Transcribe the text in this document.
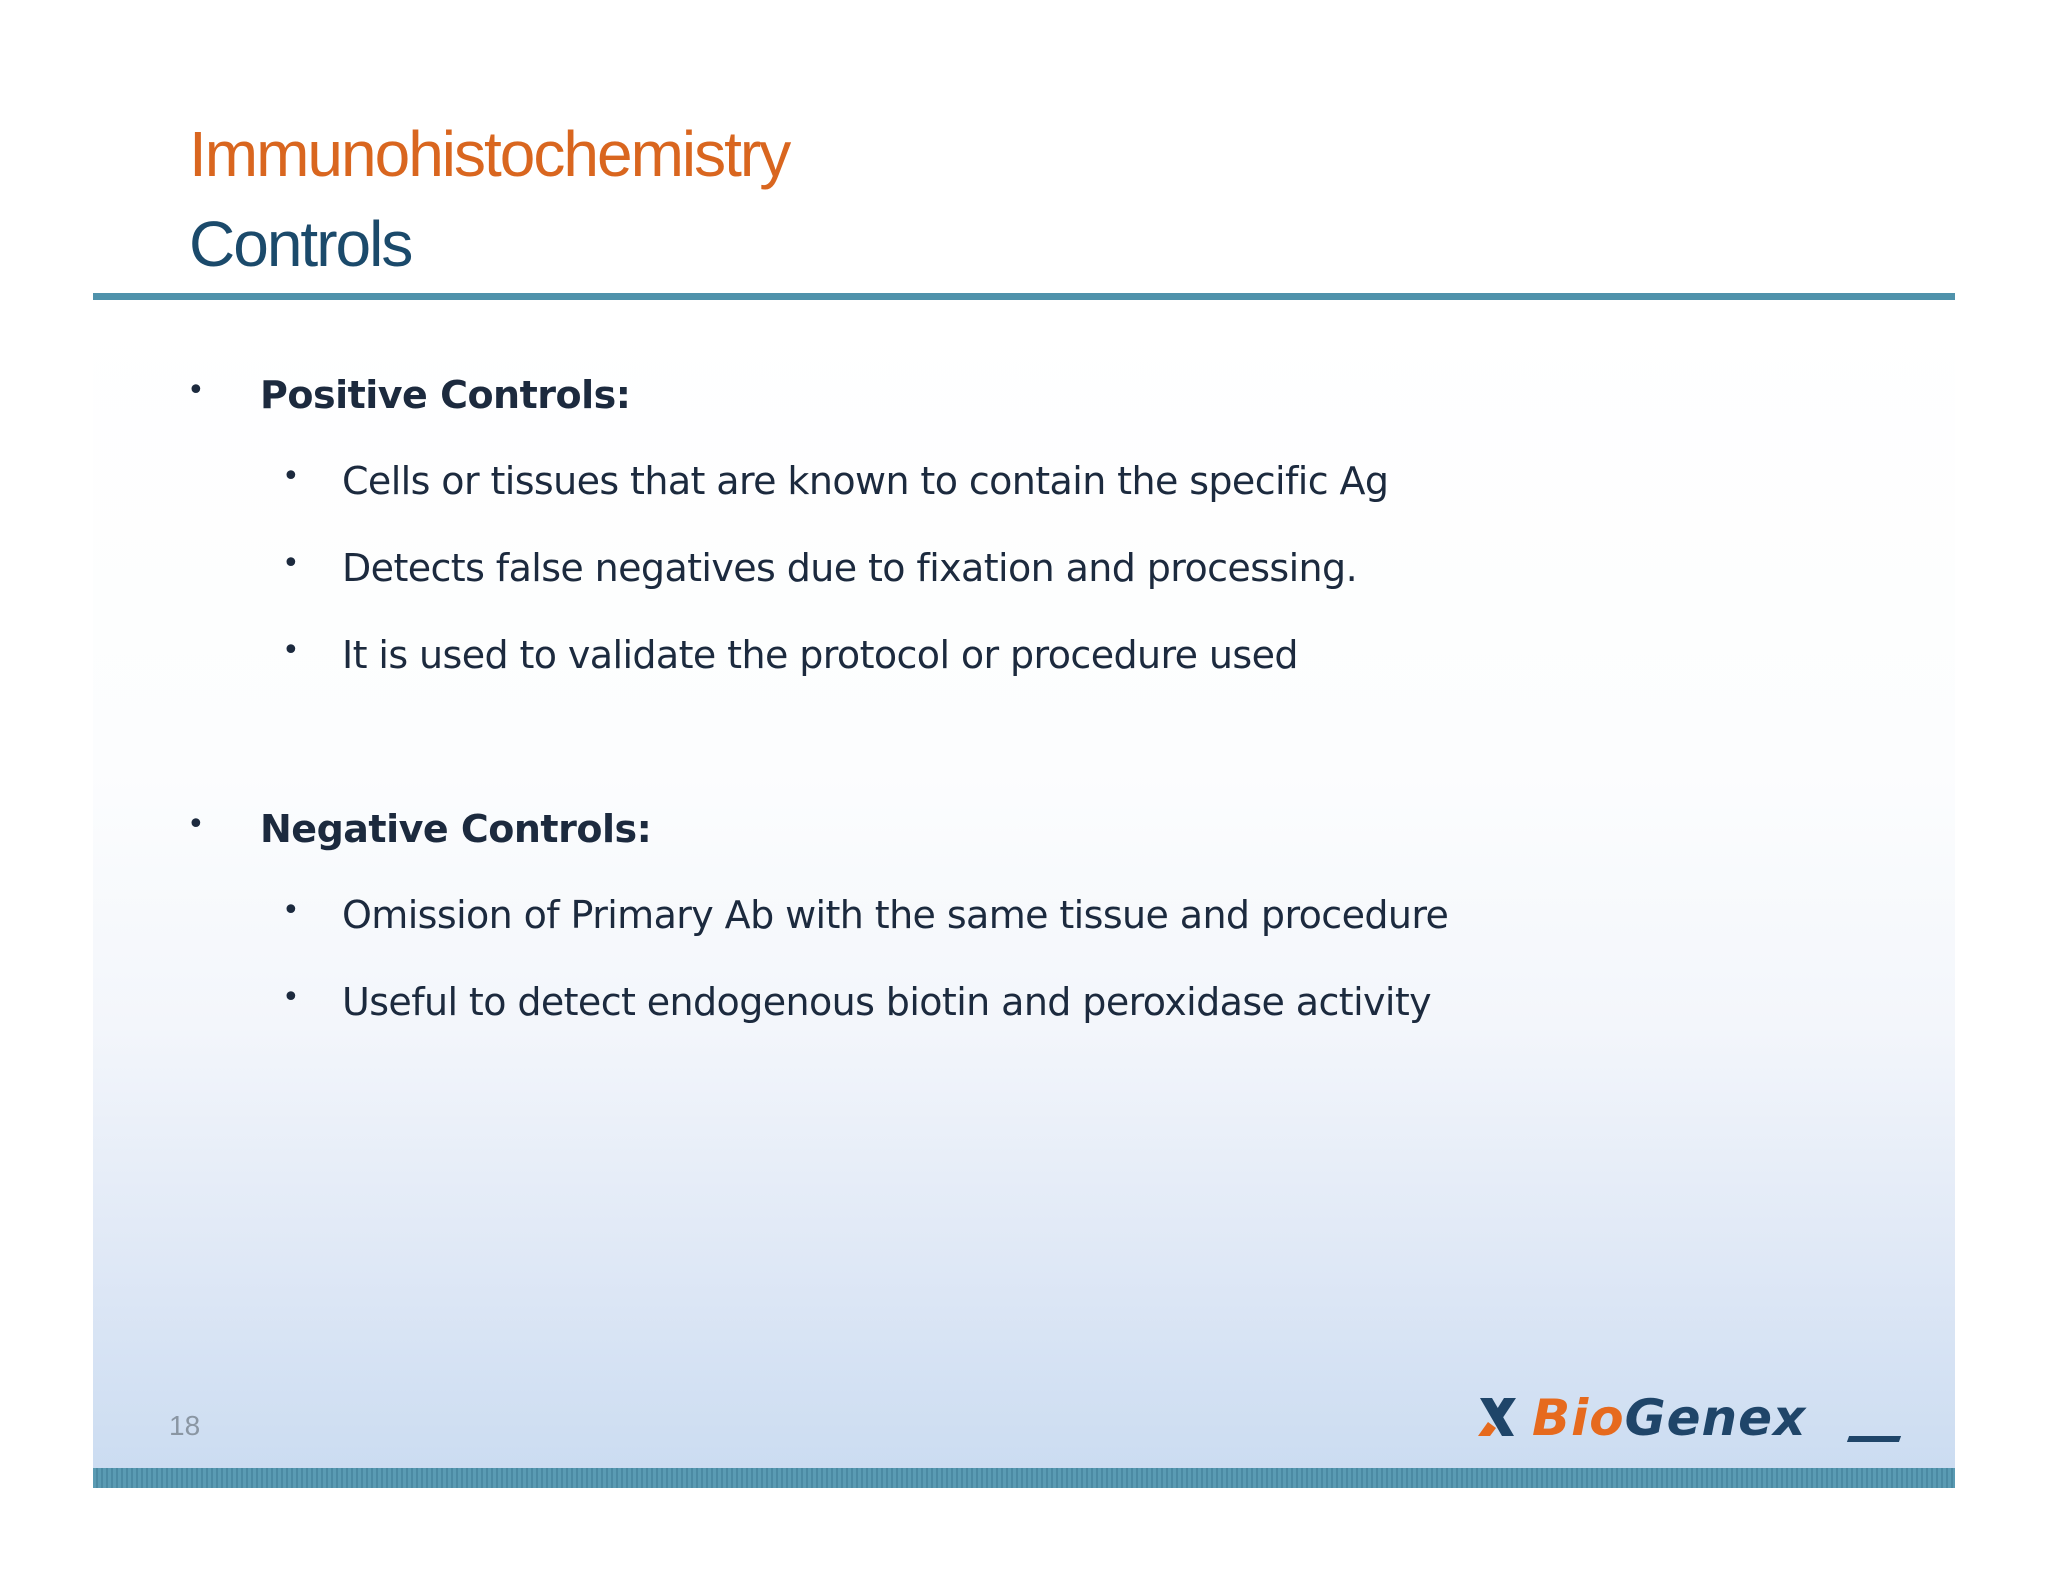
Immunohistochemistry
Controls
• Positive Controls:
• Cells or tissues that are known to contain the specific Ag
• Detects false negatives due to fixation and processing.
• It is used to validate the protocol or procedure used
• Negative Controls:
• Omission of Primary Ab with the same tissue and procedure
• Useful to detect endogenous biotin and peroxidase activity
18	BioGenex
